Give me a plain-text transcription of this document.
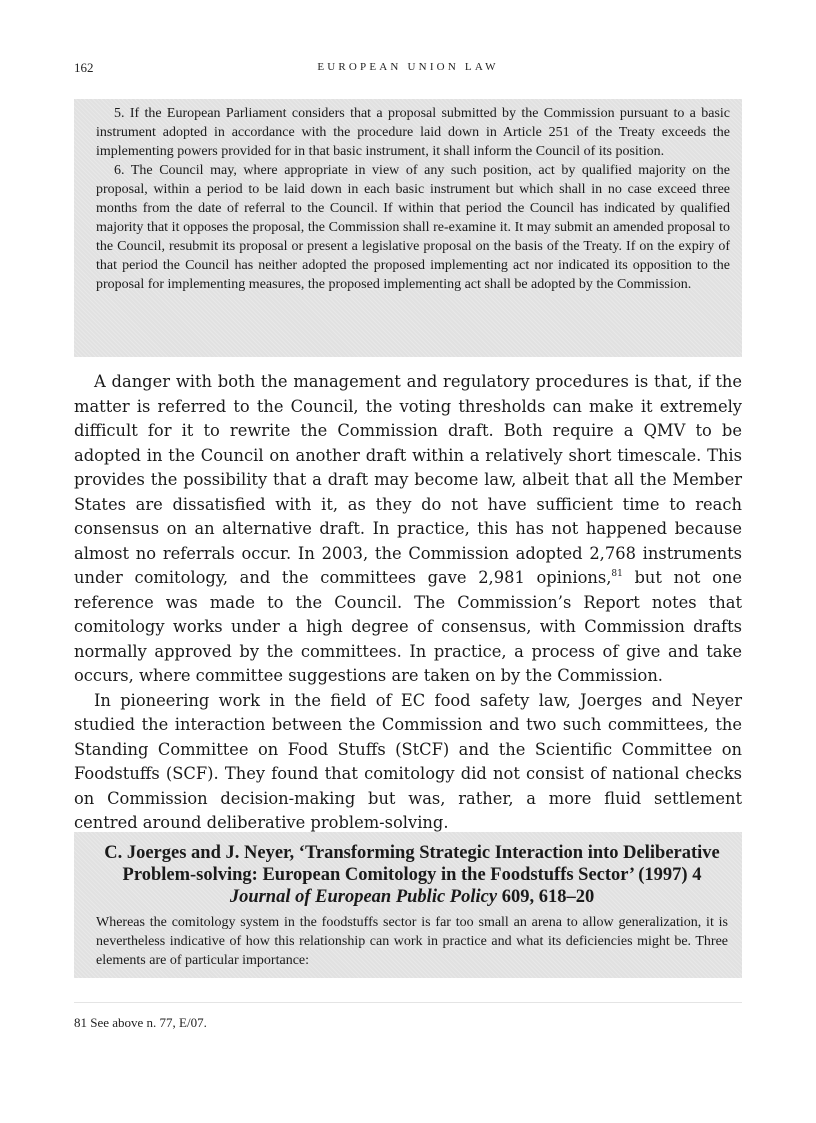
162	EUROPEAN UNION LAW

5. If the European Parliament considers that a proposal submitted by the Commission pursuant to a basic instrument adopted in accordance with the procedure laid down in Article 251 of the Treaty exceeds the implementing powers provided for in that basic instrument, it shall inform the Council of its position.

6. The Council may, where appropriate in view of any such position, act by qualified majority on the proposal, within a period to be laid down in each basic instrument but which shall in no case exceed three months from the date of referral to the Council. If within that period the Council has indicated by qualified majority that it opposes the proposal, the Commission shall re-examine it. It may submit an amended proposal to the Council, resubmit its proposal or present a legislative proposal on the basis of the Treaty. If on the expiry of that period the Council has neither adopted the proposed implementing act nor indicated its opposition to the proposal for implementing measures, the proposed implementing act shall be adopted by the Commission.

A danger with both the management and regulatory procedures is that, if the matter is referred to the Council, the voting thresholds can make it extremely difficult for it to rewrite the Commission draft. Both require a QMV to be adopted in the Council on another draft within a relatively short timescale. This provides the possibility that a draft may become law, albeit that all the Member States are dissatisfied with it, as they do not have sufficient time to reach consensus on an alternative draft. In practice, this has not happened because almost no referrals occur. In 2003, the Commission adopted 2,768 instruments under comitology, and the committees gave 2,981 opinions,$^{81}$ but not one reference was made to the Council. The Commission’s Report notes that comitology works under a high degree of consensus, with Commission drafts normally approved by the committees. In practice, a process of give and take occurs, where committee suggestions are taken on by the Commission.

In pioneering work in the field of EC food safety law, Joerges and Neyer studied the interaction between the Commission and two such committees, the Standing Committee on Food Stuffs (StCF) and the Scientific Committee on Foodstuffs (SCF). They found that comitology did not consist of national checks on Commission decision-making but was, rather, a more fluid settlement centred around deliberative problem-solving.

C. Joerges and J. Neyer, ‘Transforming Strategic Interaction into Deliberative Problem-solving: European Comitology in the Foodstuffs Sector’ (1997) 4 Journal of European Public Policy 609, 618–20

Whereas the comitology system in the foodstuffs sector is far too small an arena to allow generalization, it is nevertheless indicative of how this relationship can work in practice and what its deficiencies might be. Three elements are of particular importance:

81 See above n. 77, E/07.
